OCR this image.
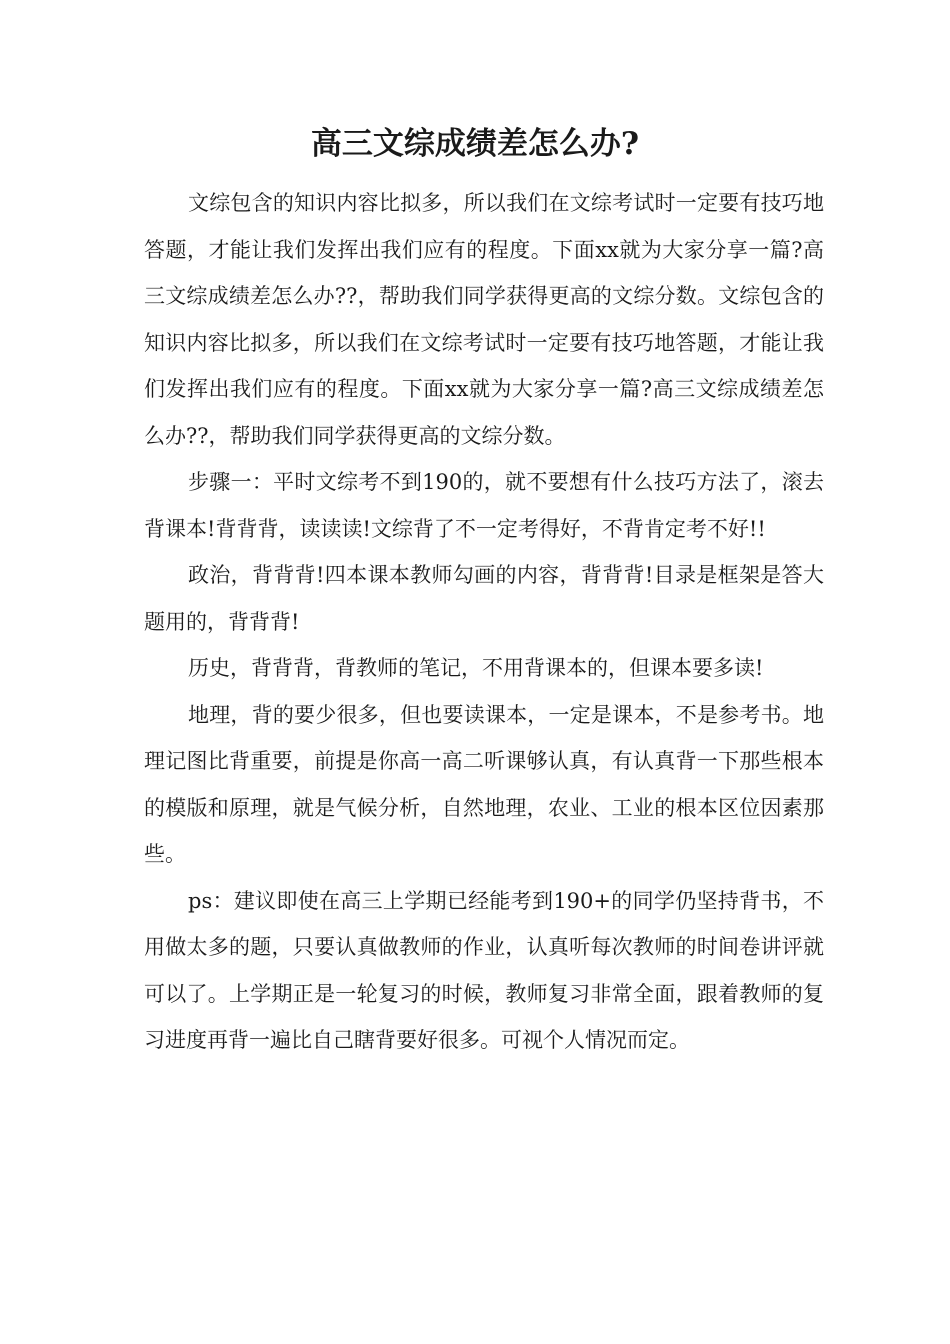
高三文综成绩差怎么办?

文综包含的知识内容比拟多，所以我们在文综考试时一定要有技巧地答题，才能让我们发挥出我们应有的程度。下面xx就为大家分享一篇?高三文综成绩差怎么办??，帮助我们同学获得更高的文综分数。文综包含的知识内容比拟多，所以我们在文综考试时一定要有技巧地答题，才能让我们发挥出我们应有的程度。下面xx就为大家分享一篇?高三文综成绩差怎么办??，帮助我们同学获得更高的文综分数。

步骤一：平时文综考不到190的，就不要想有什么技巧方法了，滚去背课本!背背背，读读读!文综背了不一定考得好，不背肯定考不好!!

政治，背背背!四本课本教师勾画的内容，背背背!目录是框架是答大题用的，背背背!

历史，背背背，背教师的笔记，不用背课本的，但课本要多读!

地理，背的要少很多，但也要读课本，一定是课本，不是参考书。地理记图比背重要，前提是你高一高二听课够认真，有认真背一下那些根本的模版和原理，就是气候分析，自然地理，农业、工业的根本区位因素那些。

ps：建议即使在高三上学期已经能考到190+的同学仍坚持背书，不用做太多的题，只要认真做教师的作业，认真听每次教师的时间卷讲评就可以了。上学期正是一轮复习的时候，教师复习非常全面，跟着教师的复习进度再背一遍比自己瞎背要好很多。可视个人情况而定。
